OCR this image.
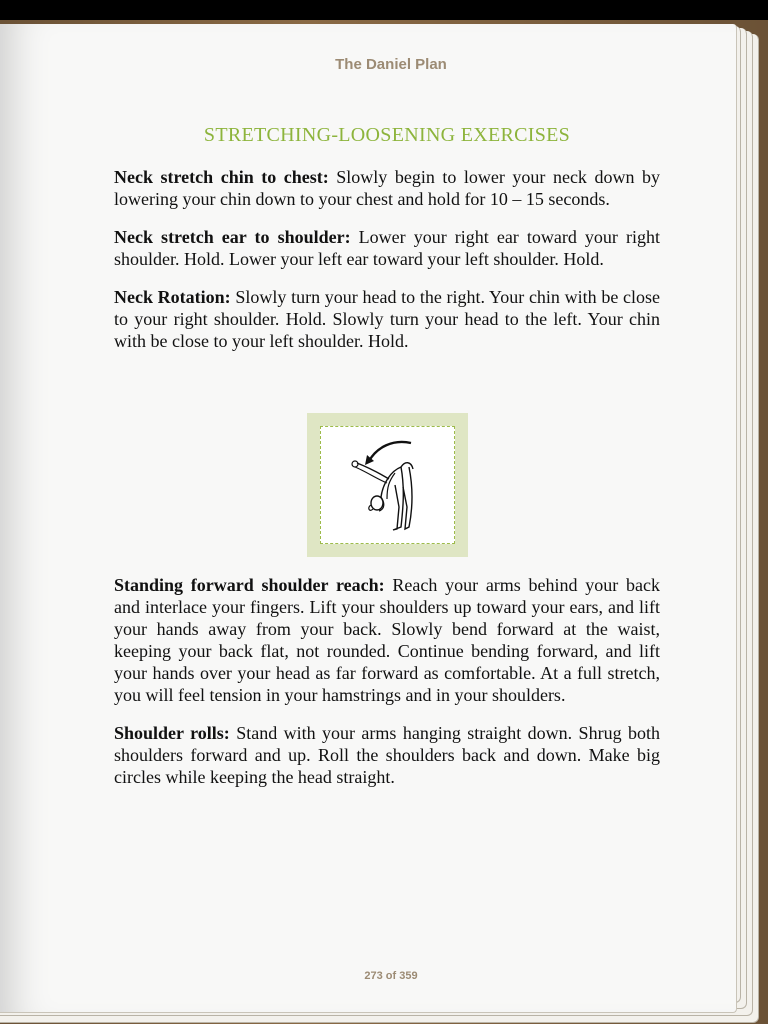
The Daniel Plan
STRETCHING-LOOSENING EXERCISES

Neck stretch chin to chest: Slowly begin to lower your neck down by lowering your chin down to your chest and hold for 10 – 15 seconds.

Neck stretch ear to shoulder: Lower your right ear toward your right shoulder. Hold. Lower your left ear toward your left shoulder. Hold.

Neck Rotation: Slowly turn your head to the right. Your chin with be close to your right shoulder. Hold. Slowly turn your head to the left. Your chin with be close to your left shoulder. Hold.

Standing forward shoulder reach: Reach your arms behind your back and interlace your fingers. Lift your shoulders up toward your ears, and lift your hands away from your back. Slowly bend forward at the waist, keeping your back flat, not rounded. Continue bending forward, and lift your hands over your head as far forward as comfortable. At a full stretch, you will feel tension in your hamstrings and in your shoulders.

Shoulder rolls: Stand with your arms hanging straight down. Shrug both shoulders forward and up. Roll the shoulders back and down. Make big circles while keeping the head straight.

273 of 359
